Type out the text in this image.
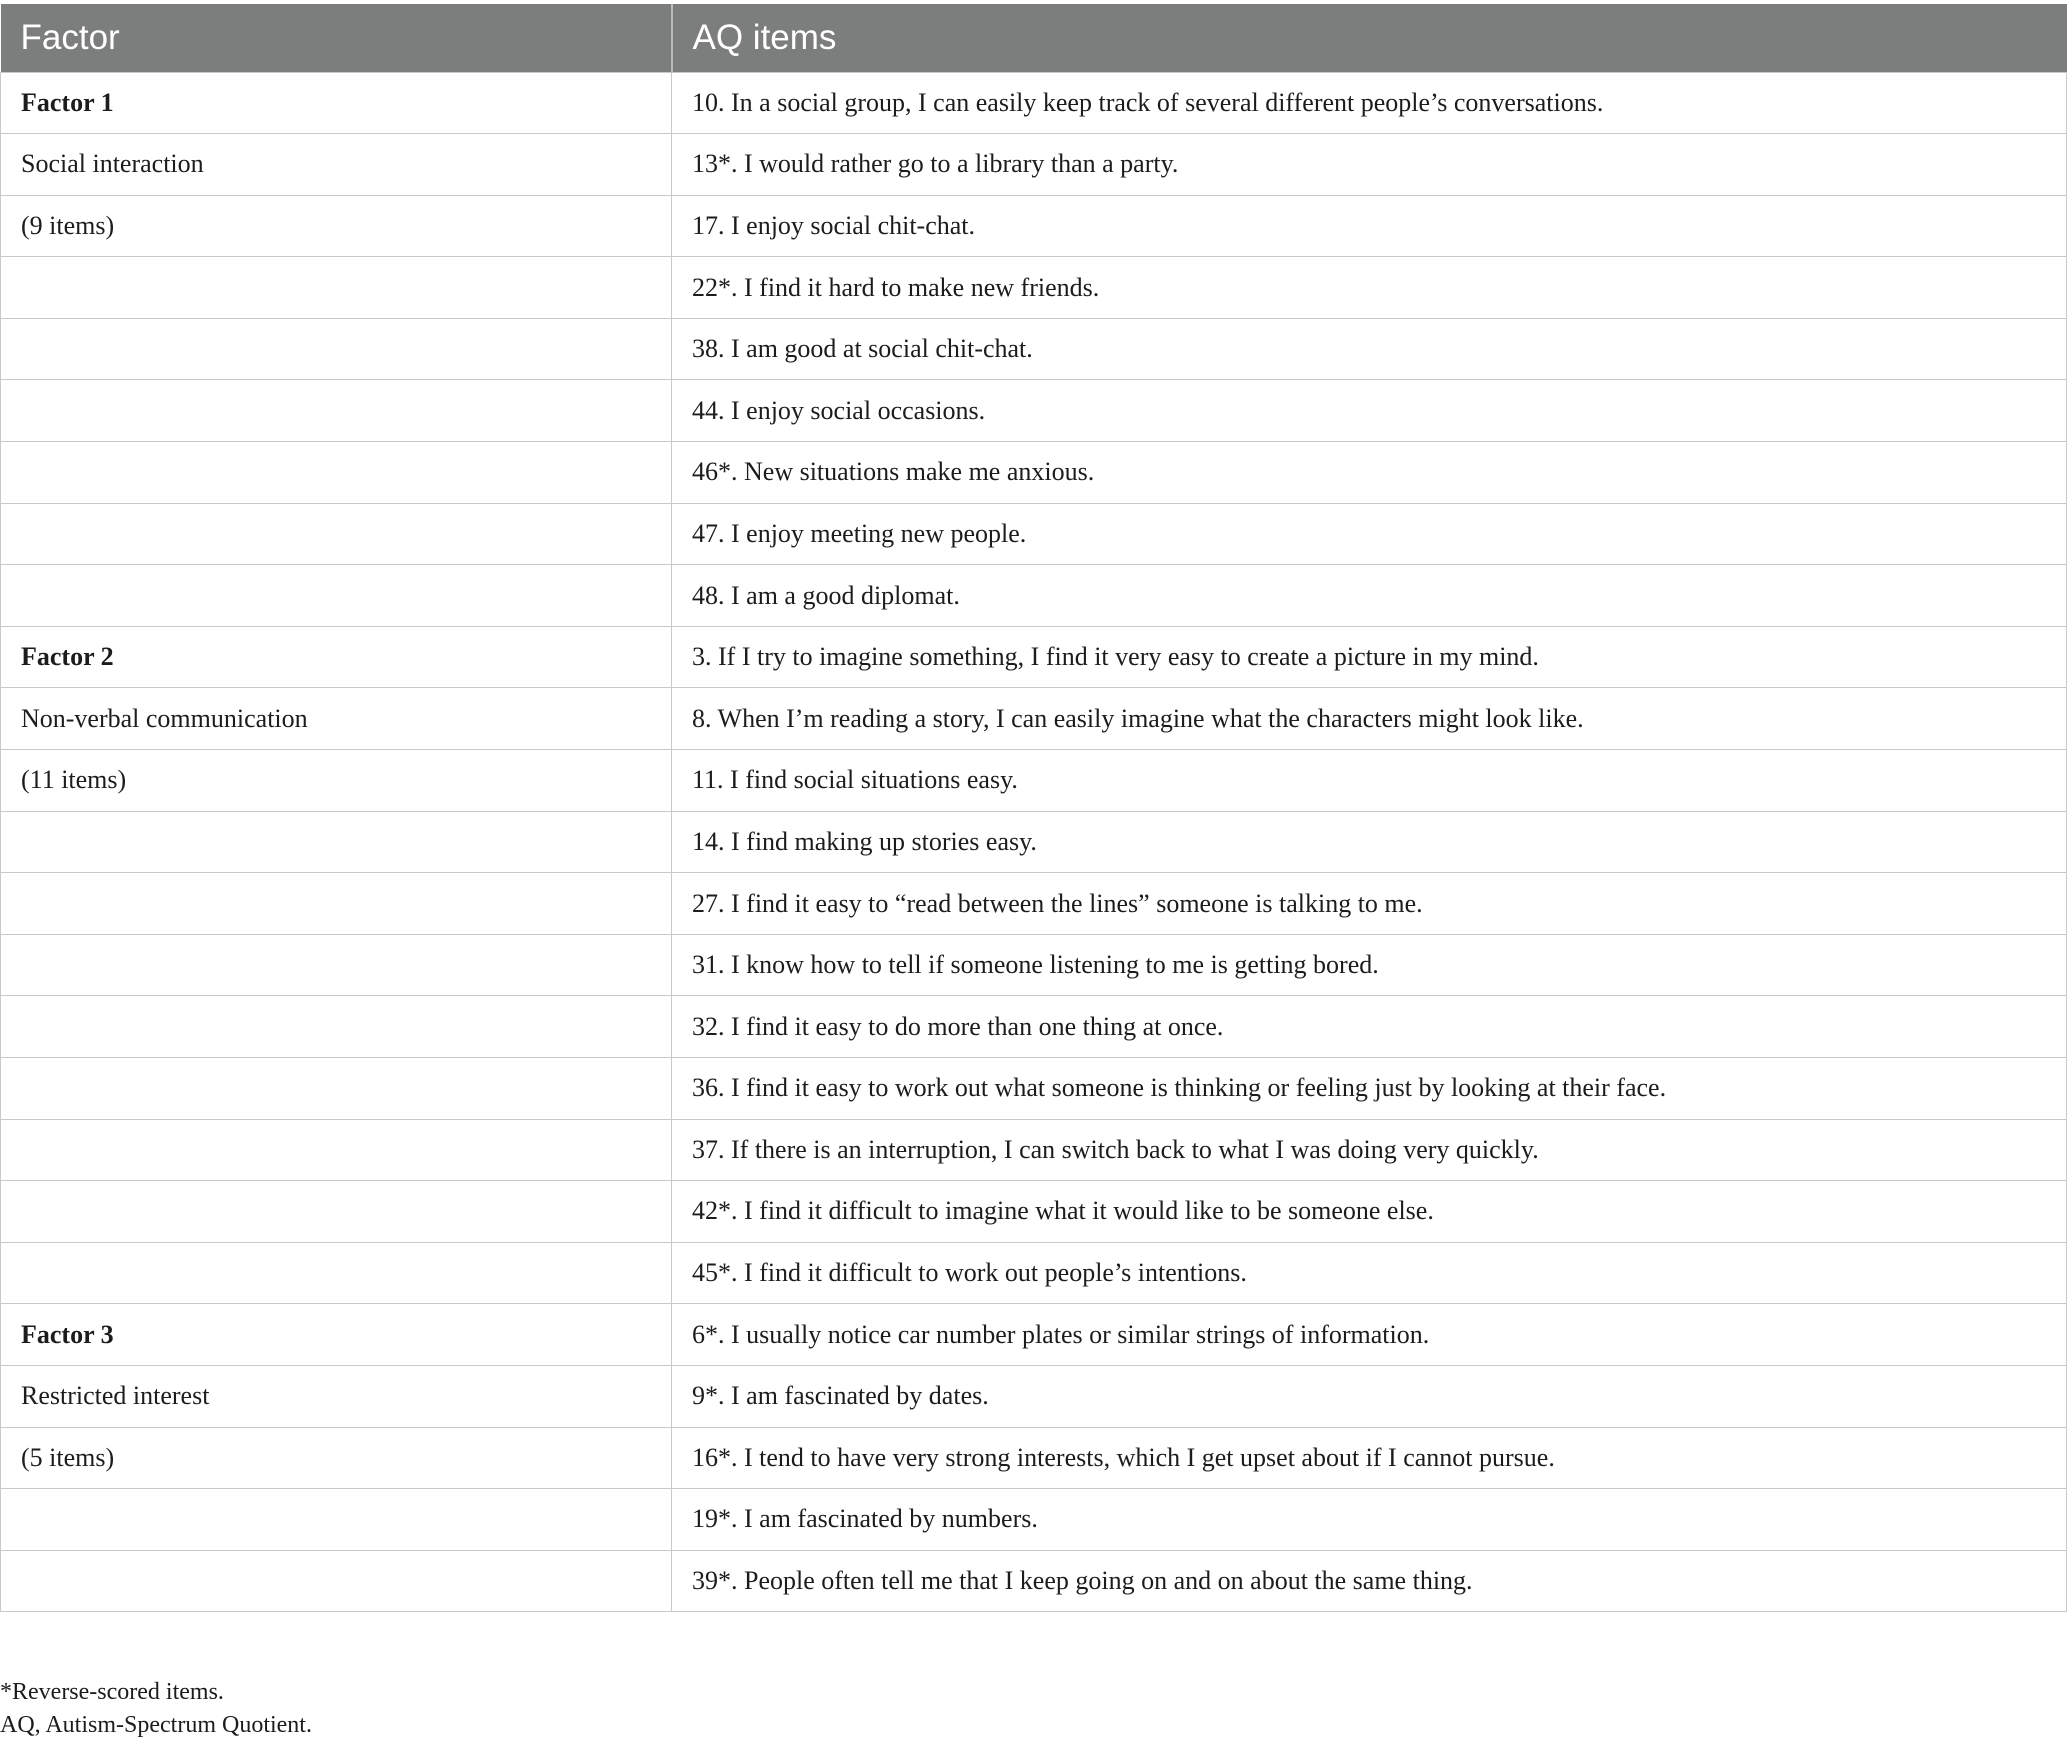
Factor	AQ items
Factor 1	10. In a social group, I can easily keep track of several different people’s conversations.
Social interaction	13*. I would rather go to a library than a party.
(9 items)	17. I enjoy social chit-chat.
	22*. I find it hard to make new friends.
	38. I am good at social chit-chat.
	44. I enjoy social occasions.
	46*. New situations make me anxious.
	47. I enjoy meeting new people.
	48. I am a good diplomat.
Factor 2	3. If I try to imagine something, I find it very easy to create a picture in my mind.
Non-verbal communication	8. When I’m reading a story, I can easily imagine what the characters might look like.
(11 items)	11. I find social situations easy.
	14. I find making up stories easy.
	27. I find it easy to “read between the lines” someone is talking to me.
	31. I know how to tell if someone listening to me is getting bored.
	32. I find it easy to do more than one thing at once.
	36. I find it easy to work out what someone is thinking or feeling just by looking at their face.
	37. If there is an interruption, I can switch back to what I was doing very quickly.
	42*. I find it difficult to imagine what it would like to be someone else.
	45*. I find it difficult to work out people’s intentions.
Factor 3	6*. I usually notice car number plates or similar strings of information.
Restricted interest	9*. I am fascinated by dates.
(5 items)	16*. I tend to have very strong interests, which I get upset about if I cannot pursue.
	19*. I am fascinated by numbers.
	39*. People often tell me that I keep going on and on about the same thing.
*Reverse-scored items.
AQ, Autism-Spectrum Quotient.
